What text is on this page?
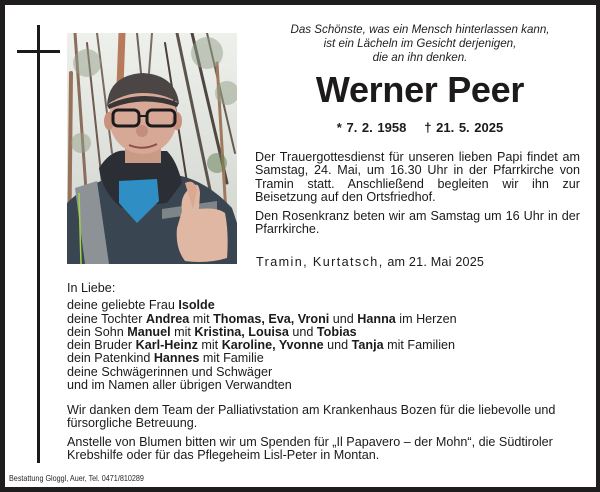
Das Schönste, was ein Mensch hinterlassen kann,
ist ein Lächeln im Gesicht derjenigen,
die an ihn denken.
Werner Peer
* 7. 2. 1958 † 21. 5. 2025

Der Trauergottesdienst für unseren lieben Papi findet am Samstag, 24. Mai, um 16.30 Uhr in der Pfarrkirche von Tramin statt. Anschließend begleiten wir ihn zur Beisetzung auf den Ortsfriedhof.

Den Rosenkranz beten wir am Samstag um 16 Uhr in der Pfarrkirche.

Tramin, Kurtatsch, am 21. Mai 2025
In Liebe:
deine geliebte Frau Isolde
deine Tochter Andrea mit Thomas, Eva, Vroni und Hanna im Herzen
dein Sohn Manuel mit Kristina, Louisa und Tobias
dein Bruder Karl-Heinz mit Karoline, Yvonne und Tanja mit Familien
dein Patenkind Hannes mit Familie
deine Schwägerinnen und Schwäger
und im Namen aller übrigen Verwandten

Wir danken dem Team der Palliativstation am Krankenhaus Bozen für die liebevolle und fürsorgliche Betreuung.

Anstelle von Blumen bitten wir um Spenden für „Il Papavero – der Mohn“, die Südtiroler Krebshilfe oder für das Pflegeheim Lisl-Peter in Montan.

Bestattung Gloggl, Auer, Tel. 0471/810289
